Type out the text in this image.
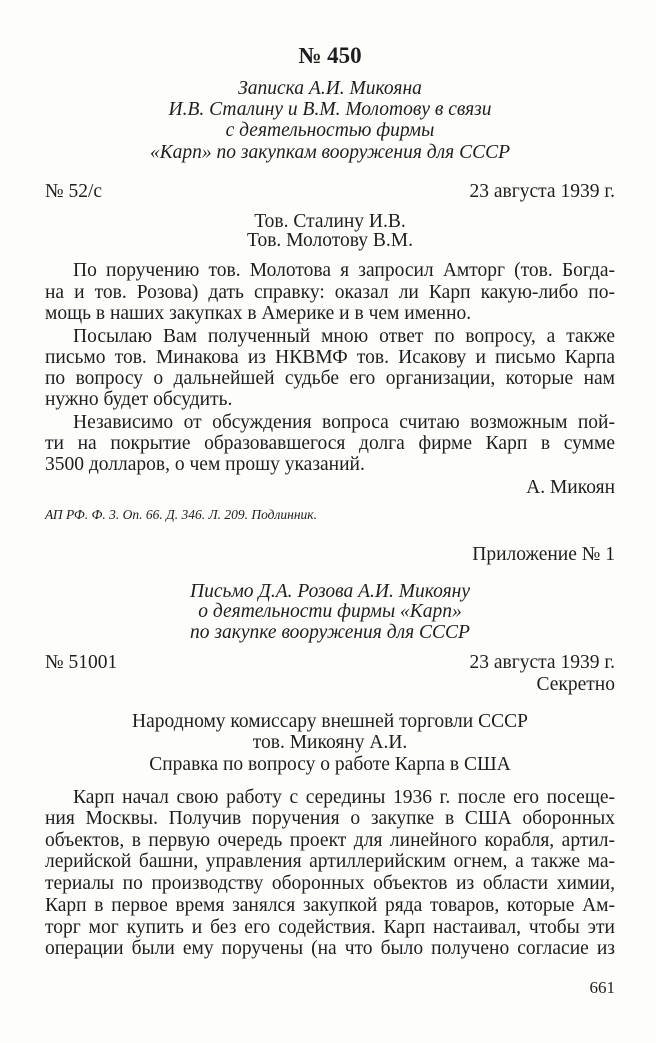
№ 450
Записка А.И. Микояна
И.В. Сталину и В.М. Молотову в связи
с деятельностью фирмы
«Карп» по закупкам вооружения для СССР
№ 52/с	23 августа 1939 г.
Тов. Сталину И.В.
Тов. Молотову В.М.
По поручению тов. Молотова я запросил Амторг (тов. Богда-
на и тов. Розова) дать справку: оказал ли Карп какую-либо по-
мощь в наших закупках в Америке и в чем именно.
Посылаю Вам полученный мною ответ по вопросу, а также
письмо тов. Минакова из НКВМФ тов. Исакову и письмо Карпа
по вопросу о дальнейшей судьбе его организации, которые нам
нужно будет обсудить.
Независимо от обсуждения вопроса считаю возможным пой-
ти на покрытие образовавшегося долга фирме Карп в сумме
3500 долларов, о чем прошу указаний.
А. Микоян
АП РФ. Ф. 3. Оп. 66. Д. 346. Л. 209. Подлинник.
Приложение № 1
Письмо Д.А. Розова А.И. Микояну
о деятельности фирмы «Карп»
по закупке вооружения для СССР
№ 51001	23 августа 1939 г.
Секретно
Народному комиссару внешней торговли СССР
тов. Микояну А.И.
Справка по вопросу о работе Карпа в США
Карп начал свою работу с середины 1936 г. после его посеще-
ния Москвы. Получив поручения о закупке в США оборонных
объектов, в первую очередь проект для линейного корабля, артил-
лерийской башни, управления артиллерийским огнем, а также ма-
териалы по производству оборонных объектов из области химии,
Карп в первое время занялся закупкой ряда товаров, которые Ам-
торг мог купить и без его содействия. Карп настаивал, чтобы эти
операции были ему поручены (на что было получено согласие из
661
